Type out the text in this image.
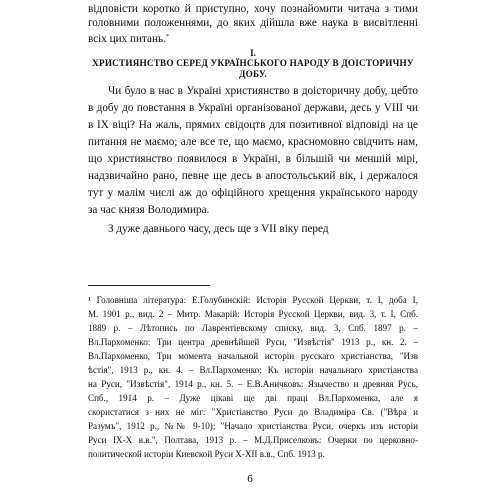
відповісти коротко й приступно, хочу познайомити читача з тими
головними положеннями, до яких дійшла вже наука в висвітленні
всіх цих питань.*
I.
ХРИСТИЯНСТВО СЕРЕД УКРАЇНСЬКОГО НАРОДУ В ДОІСТОРИЧНУ
ДОБУ.
Чи було в нас в Україні християнство в доісторичну добу, цебто
в добу до повстання в Україні організованої держави, десь у VIII чи
в IX віці? На жаль, прямих свідоцтв для позитивної відповіді на це
питання не маємо; але все те, що маємо, красномовно свідчить нам,
що християнство появилося в Україні, в більшій чи меншій мірі,
надзвичайно рано, певне ще десь в апостольський вік, і держалося
тут у малім числі аж до офіційного хрещення українського народу
за час князя Володимира.
З дуже давнього часу, десь ще з VII віку перед
¹ Головніша література: Е.Голубинскій: Исторія Русской Церкви, т. I, доба I,
М. 1901 р., вид. 2 – Митр. Макарій: Исторія Русской Церкви, вид. 3, т. I, Спб.
1889 р. – Лѣтопись по Лаврентіевскому списку, вид. 3, Спб. 1897 р. –
Вл.Пархоменко: Три центра древнѣйшей Руси, "Извѣстія" 1913 р., кн. 2. –
Вл.Пархоменко, Три момента начальной исторіи русскаго христіанства, "Изв
ѣстія", 1913 р., кн. 4. – Вл.Пархоменко: Къ исторіи начальнаго христіанства
на Руси, "Извѣстія", 1914 р., кн. 5. – Е.В.Аничковъ: Язычество и древняя Русь,
Спб., 1914 р. – Дуже цікаві ще дві праці Вл.Пархоменка, але я
скористатися з них не міг: "Христіанство Руси до Владиміра Св. ("Вѣра и
Разумъ", 1912 р., №№ 9-10); "Начало христіанства Руси, очеркъ изъ исторіи
Руси IX-X в.в.", Полтава, 1913 р. – М.Д.Приселковъ: Очерки по церковно-
политической исторіи Киевской Руси X-XII в.в., Спб. 1913 р.
6
